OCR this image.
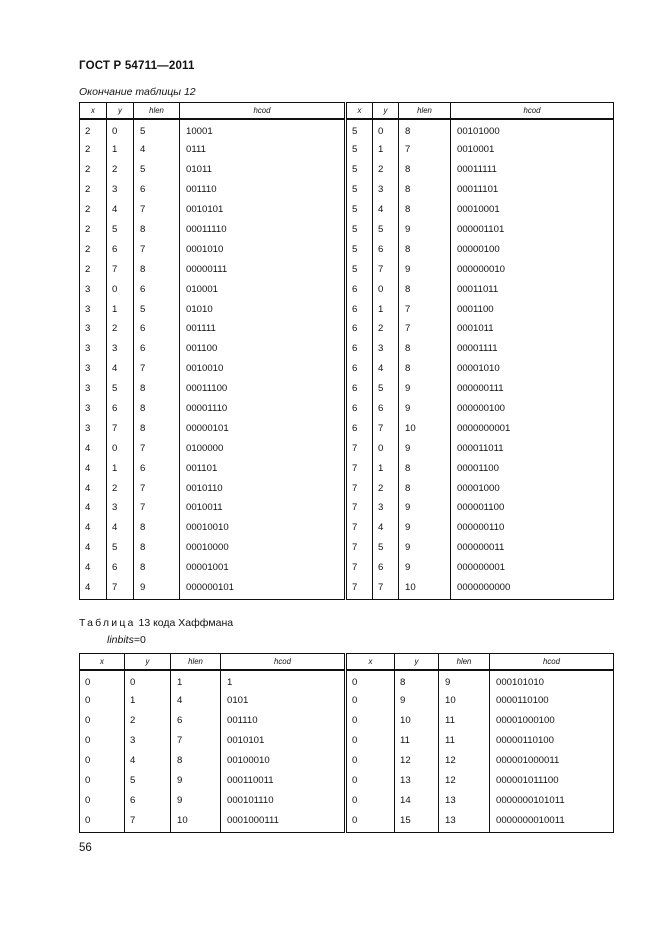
ГОСТ Р 54711—2011
Окончание таблицы 12
x	y	hlen	hcod
2	0	5	10001
2	1	4	0111
2	2	5	01011
2	3	6	001110
2	4	7	0010101
2	5	8	00011110
2	6	7	0001010
2	7	8	00000111
3	0	6	010001
3	1	5	01010
3	2	6	001111
3	3	6	001100
3	4	7	0010010
3	5	8	00011100
3	6	8	00001110
3	7	8	00000101
4	0	7	0100000
4	1	6	001101
4	2	7	0010110
4	3	7	0010011
4	4	8	00010010
4	5	8	00010000
4	6	8	00001001
4	7	9	000000101
x	y	hlen	hcod
5	0	8	00101000
5	1	7	0010001
5	2	8	00011111
5	3	8	00011101
5	4	8	00010001
5	5	9	000001101
5	6	8	00000100
5	7	9	000000010
6	0	8	00011011
6	1	7	0001100
6	2	7	0001011
6	3	8	00001111
6	4	8	00001010
6	5	9	000000111
6	6	9	000000100
6	7	10	0000000001
7	0	9	000011011
7	1	8	00001100
7	2	8	00001000
7	3	9	000001100
7	4	9	000000110
7	5	9	000000011
7	6	9	000000001
7	7	10	0000000000
Таблица 13 кода Хаффмана
linbits=0
x	y	hlen	hcod
0	0	1	1
0	1	4	0101
0	2	6	001110
0	3	7	0010101
0	4	8	00100010
0	5	9	000110011
0	6	9	000101110
0	7	10	0001000111
x	y	hlen	hcod
0	8	9	000101010
0	9	10	0000110100
0	10	11	00001000100
0	11	11	00000110100
0	12	12	000001000011
0	13	12	000001011100
0	14	13	0000000101011
0	15	13	0000000010011
56
